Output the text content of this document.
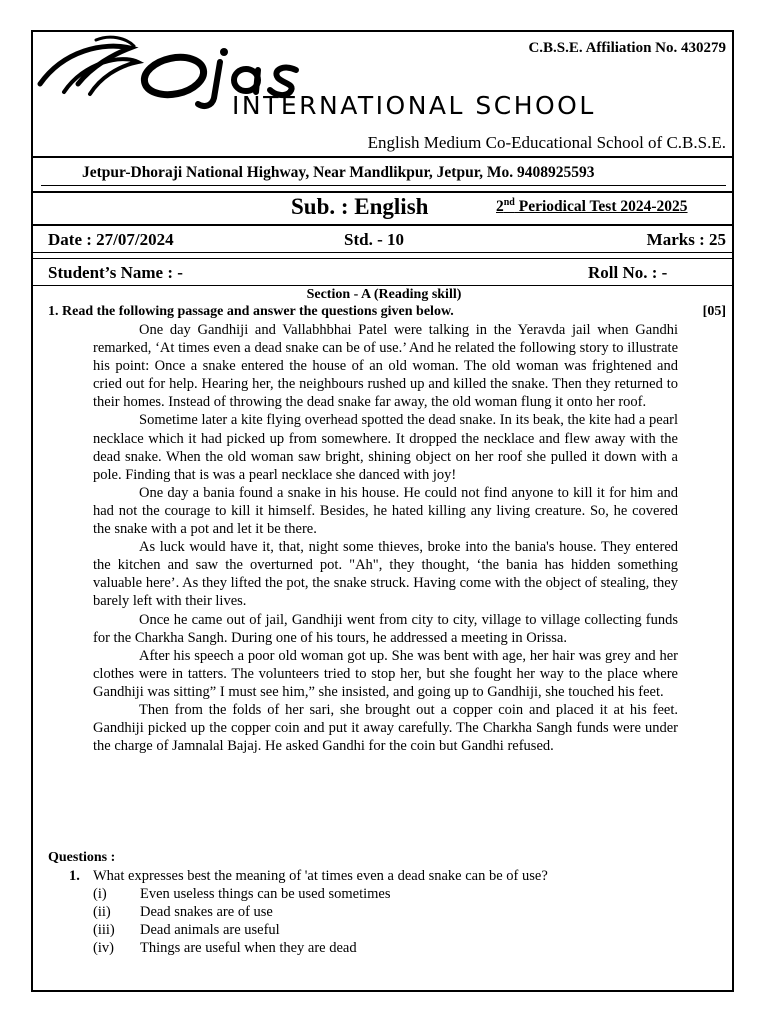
C.B.S.E. Affiliation No. 430279
INTERNATIONAL SCHOOL
English Medium Co-Educational School of C.B.S.E.
Jetpur-Dhoraji National Highway, Near Mandlikpur, Jetpur, Mo. 9408925593
Sub. : English	2nd Periodical Test 2024-2025
Date : 27/07/2024	Std. - 10	Marks : 25
Student’s Name : -	Roll No. : -
Section - A (Reading skill)
1. Read the following passage and answer the questions given below.	[05]

One day Gandhiji and Vallabhbhai Patel were talking in the Yeravda jail when Gandhi remarked, ‘At times even a dead snake can be of use.’ And he related the following story to illustrate his point: Once a snake entered the house of an old woman. The old woman was frightened and cried out for help. Hearing her, the neighbours rushed up and killed the snake. Then they returned to their homes. Instead of throwing the dead snake far away, the old woman flung it onto her roof.

Sometime later a kite flying overhead spotted the dead snake. In its beak, the kite had a pearl necklace which it had picked up from somewhere. It dropped the necklace and flew away with the dead snake. When the old woman saw bright, shining object on her roof she pulled it down with a pole. Finding that is was a pearl necklace she danced with joy!

One day a bania found a snake in his house. He could not find anyone to kill it for him and had not the courage to kill it himself. Besides, he hated killing any living creature. So, he covered the snake with a pot and let it be there.

As luck would have it, that, night some thieves, broke into the bania's house. They entered the kitchen and saw the overturned pot. "Ah", they thought, ‘the bania has hidden something valuable here’. As they lifted the pot, the snake struck. Having come with the object of stealing, they barely left with their lives.

Once he came out of jail, Gandhiji went from city to city, village to village collecting funds for the Charkha Sangh. During one of his tours, he addressed a meeting in Orissa.

After his speech a poor old woman got up. She was bent with age, her hair was grey and her clothes were in tatters. The volunteers tried to stop her, but she fought her way to the place where Gandhiji was sitting” I must see him,” she insisted, and going up to Gandhiji, she touched his feet.

Then from the folds of her sari, she brought out a copper coin and placed it at his feet. Gandhiji picked up the copper coin and put it away carefully. The Charkha Sangh funds were under the charge of Jamnalal Bajaj. He asked Gandhi for the coin but Gandhi refused.

Questions :
1. What expresses best the meaning of 'at times even a dead snake can be of use?
(i) Even useless things can be used sometimes
(ii) Dead snakes are of use
(iii) Dead animals are useful
(iv) Things are useful when they are dead
